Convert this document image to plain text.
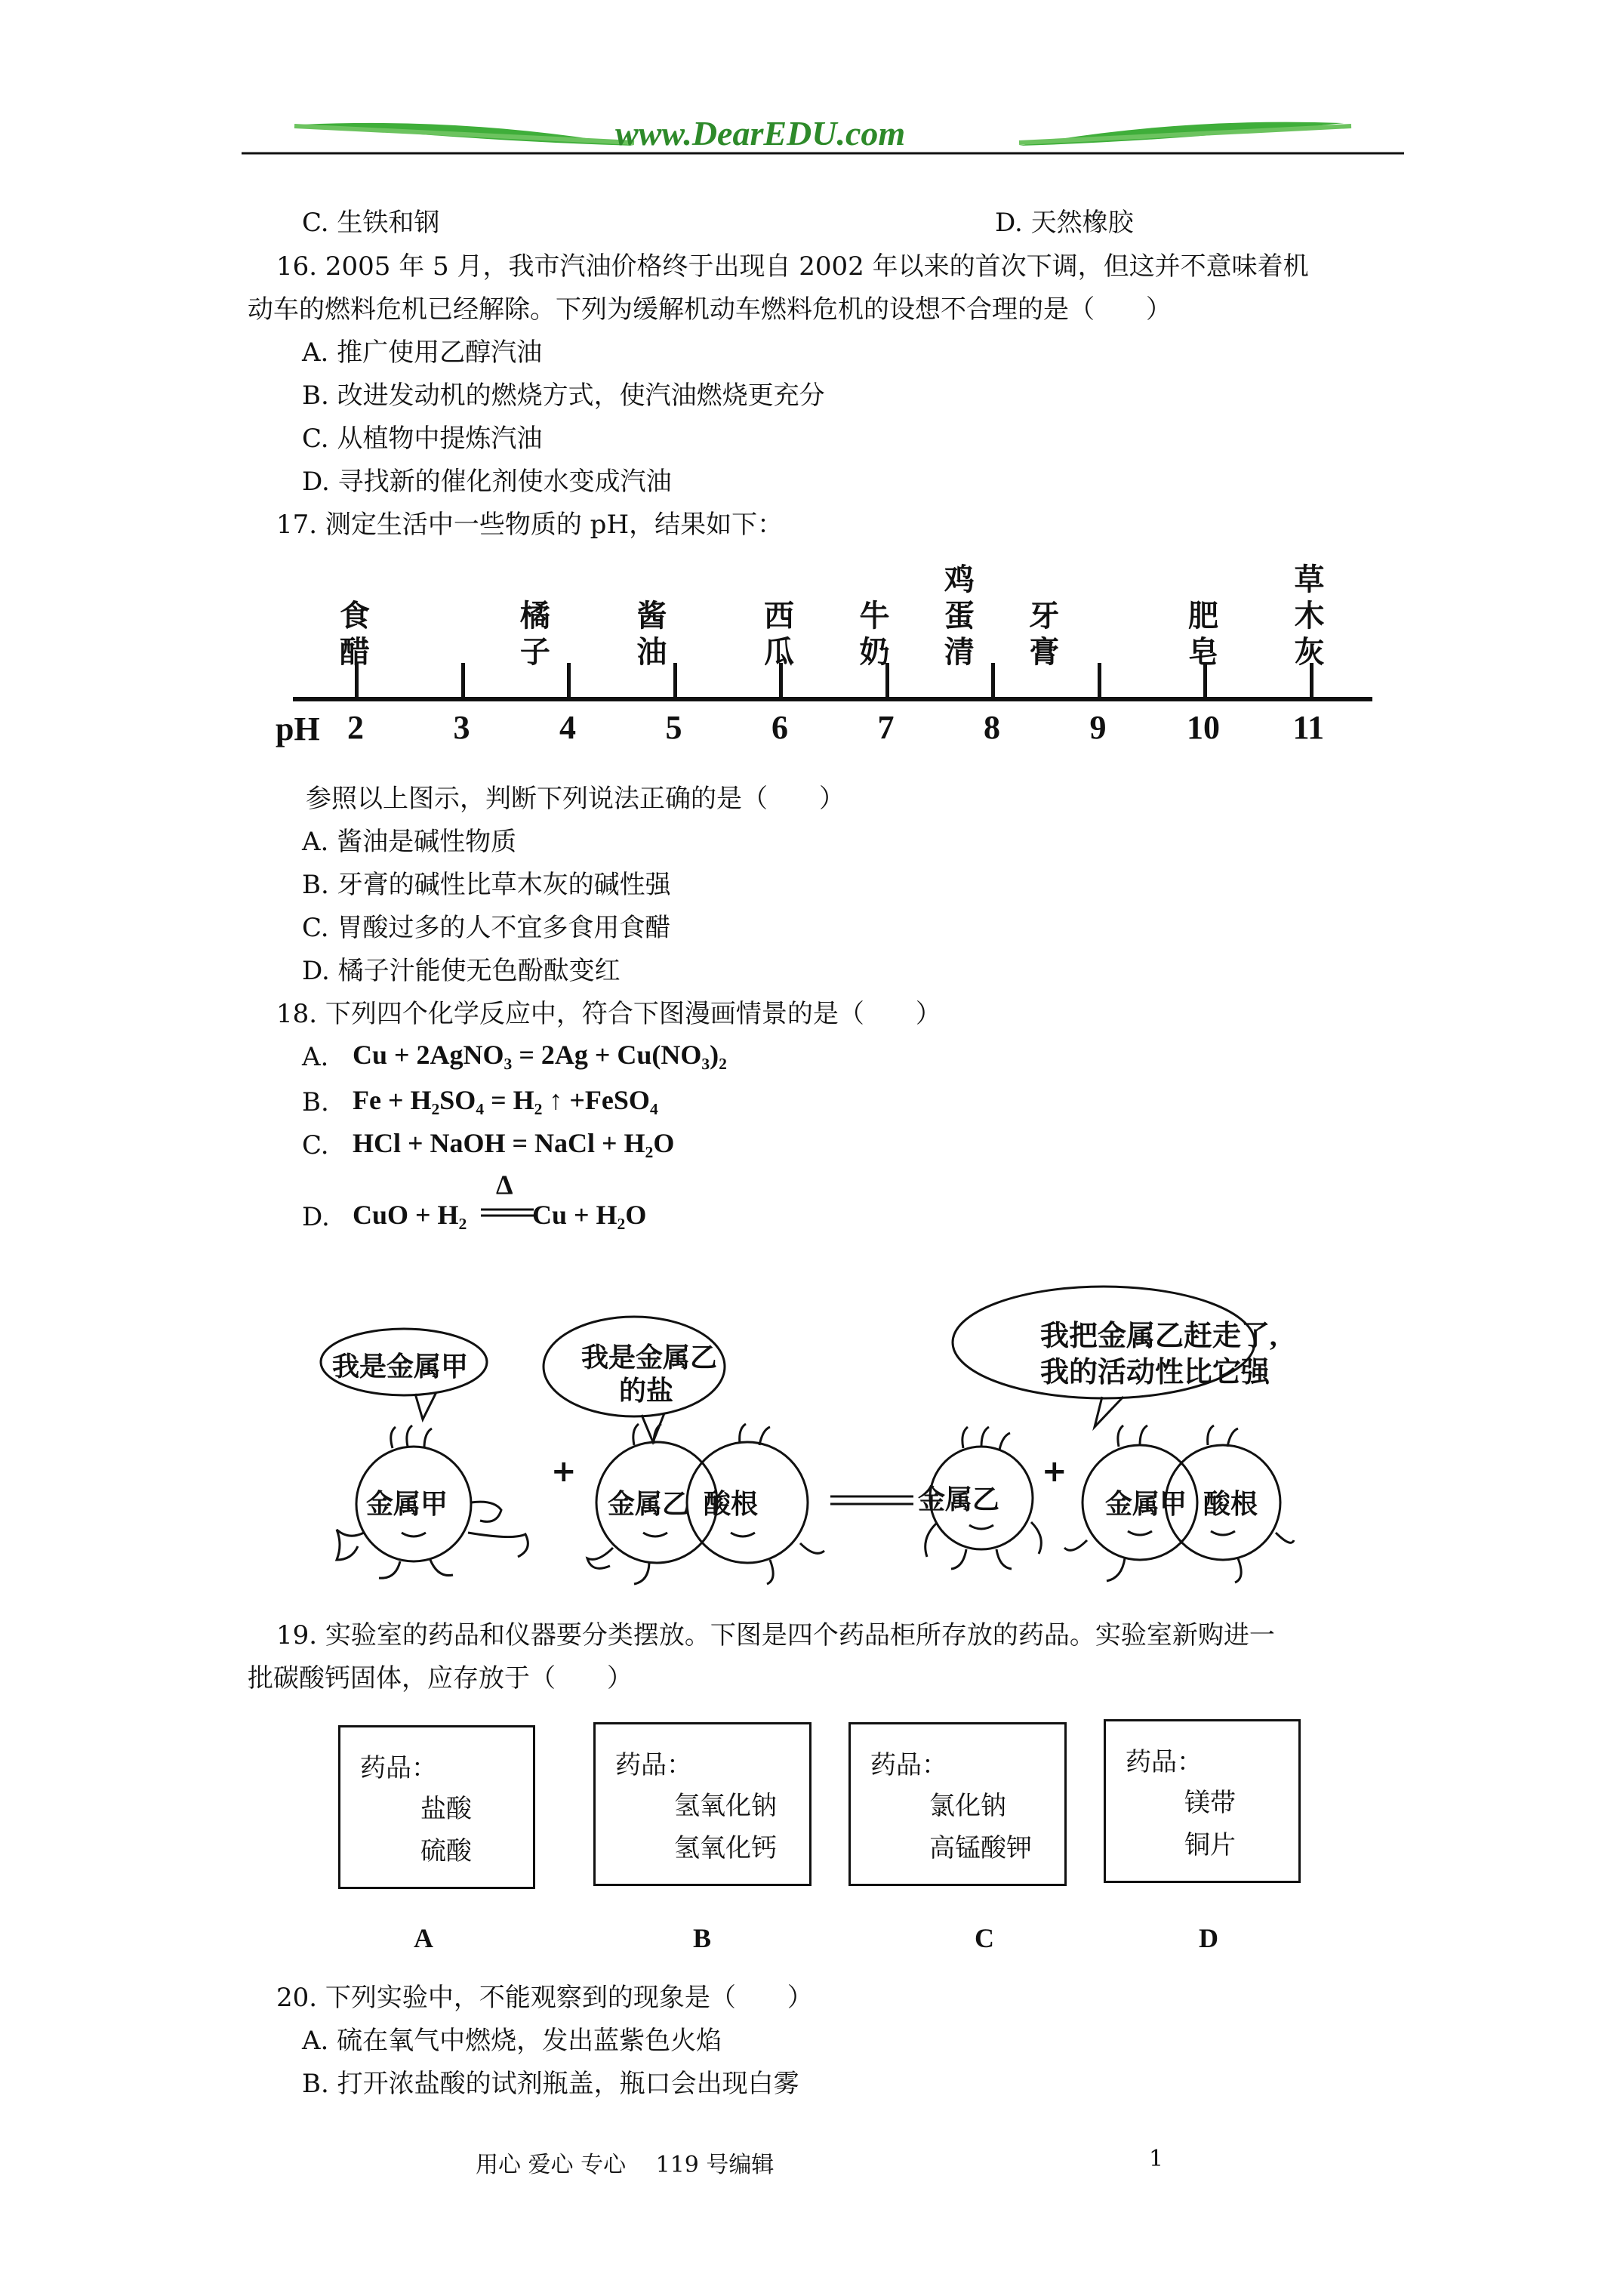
www.DearEDU.com
C. 生铁和钢	D. 天然橡胶
16. 2005 年 5 月，我市汽油价格终于出现自 2002 年以来的首次下调，但这并不意味着机
动车的燃料危机已经解除。下列为缓解机动车燃料危机的设想不合理的是（　　）
A. 推广使用乙醇汽油
B. 改进发动机的燃烧方式，使汽油燃烧更充分
C. 从植物中提炼汽油
D. 寻找新的催化剂使水变成汽油
17. 测定生活中一些物质的 pH，结果如下：
pH 2	3	4	5	6	7	8	9 10 11
食醋
橘子
酱油
西瓜
牛奶
鸡蛋清
牙膏
肥皂
草木灰
参照以上图示，判断下列说法正确的是（　　）
A. 酱油是碱性物质
B. 牙膏的碱性比草木灰的碱性强
C. 胃酸过多的人不宜多食用食醋
D. 橘子汁能使无色酚酞变红
18. 下列四个化学反应中，符合下图漫画情景的是（　　）
A. Cu + 2AgNO₃ = 2Ag + Cu(NO₃)₂
B. Fe + H₂SO₄ = H₂ ↑ +FeSO₄
C. HCl + NaOH = NaCl + H₂O
D. CuO + H₂
Δ
Cu + H₂O
+	+
我是金属甲	我是金属乙
的盐
我把金属乙赶走了,
我的活动性比它强
金属甲	金属乙 酸根	金属乙	金属甲 酸根
19. 实验室的药品和仪器要分类摆放。下图是四个药品柜所存放的药品。实验室新购进一
批碳酸钙固体，应存放于（　　）
药品：
盐酸
硫酸
药品：
氢氧化钠
氢氧化钙
药品：
氯化钠
高锰酸钾
药品：
镁带
铜片
A	B	C	D
20. 下列实验中，不能观察到的现象是（　　）
A. 硫在氧气中燃烧，发出蓝紫色火焰
B. 打开浓盐酸的试剂瓶盖，瓶口会出现白雾
用心 爱心 专心　 119 号编辑	1
